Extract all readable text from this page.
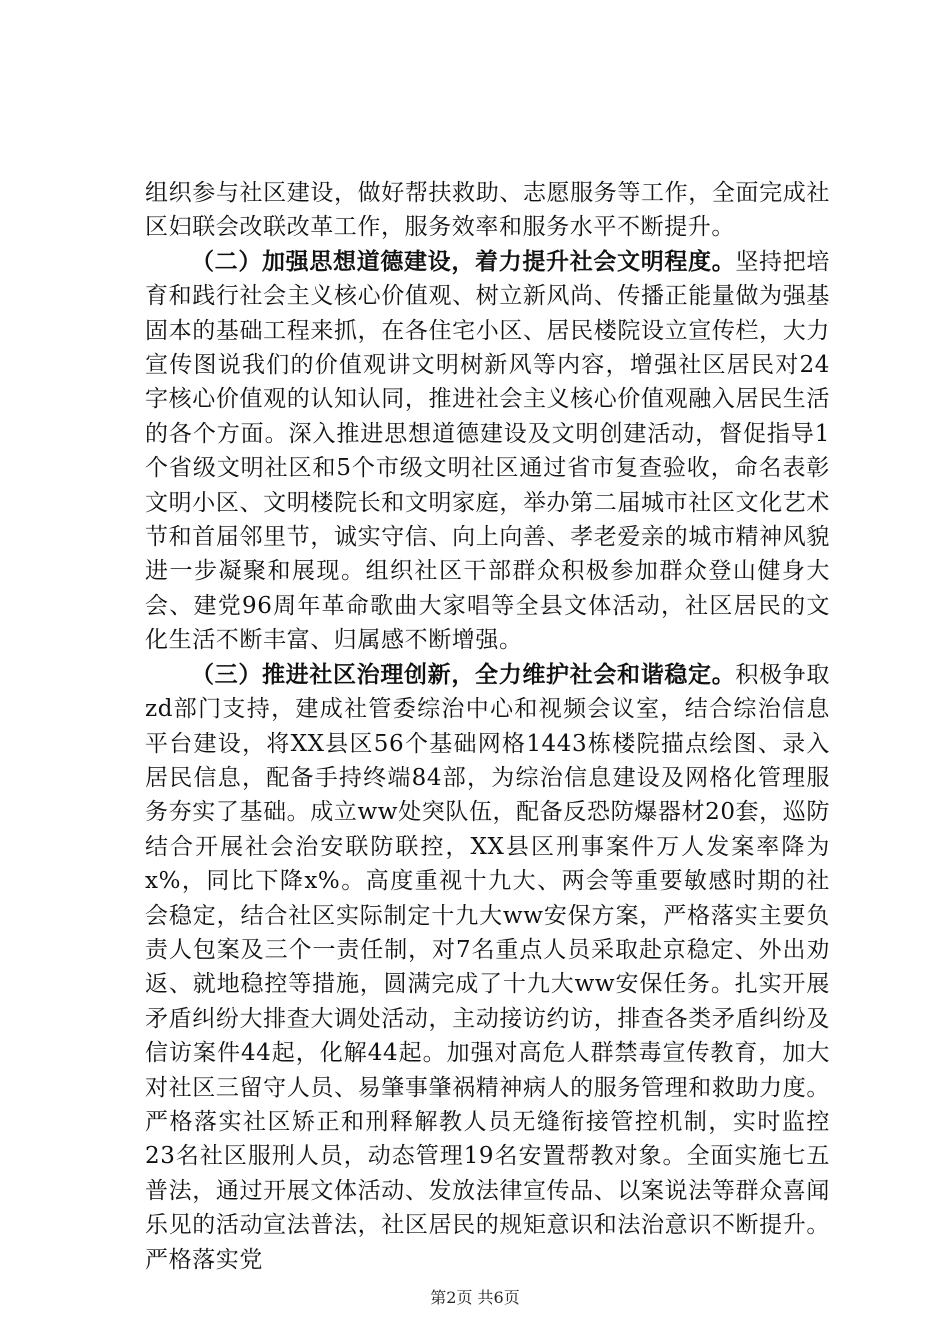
组织参与社区建设，做好帮扶救助、志愿服务等工作，全面完成社区妇联会改联改革工作，服务效率和服务水平不断提升。

（二）加强思想道德建设，着力提升社会文明程度。坚持把培育和践行社会主义核心价值观、树立新风尚、传播正能量做为强基固本的基础工程来抓，在各住宅小区、居民楼院设立宣传栏，大力宣传图说我们的价值观讲文明树新风等内容，增强社区居民对24字核心价值观的认知认同，推进社会主义核心价值观融入居民生活的各个方面。深入推进思想道德建设及文明创建活动，督促指导1个省级文明社区和5个市级文明社区通过省市复查验收，命名表彰文明小区、文明楼院长和文明家庭，举办第二届城市社区文化艺术节和首届邻里节，诚实守信、向上向善、孝老爱亲的城市精神风貌进一步凝聚和展现。组织社区干部群众积极参加群众登山健身大会、建党96周年革命歌曲大家唱等全县文体活动，社区居民的文化生活不断丰富、归属感不断增强。

（三）推进社区治理创新，全力维护社会和谐稳定。积极争取zd部门支持，建成社管委综治中心和视频会议室，结合综治信息平台建设，将XX县区56个基础网格1443栋楼院描点绘图、录入居民信息，配备手持终端84部，为综治信息建设及网格化管理服务夯实了基础。成立ww处突队伍，配备反恐防爆器材20套，巡防结合开展社会治安联防联控，XX县区刑事案件万人发案率降为x%，同比下降x%。高度重视十九大、两会等重要敏感时期的社会稳定，结合社区实际制定十九大ww安保方案，严格落实主要负责人包案及三个一责任制，对7名重点人员采取赴京稳定、外出劝返、就地稳控等措施，圆满完成了十九大ww安保任务。扎实开展矛盾纠纷大排查大调处活动，主动接访约访，排查各类矛盾纠纷及信访案件44起，化解44起。加强对高危人群禁毒宣传教育，加大对社区三留守人员、易肇事肇祸精神病人的服务管理和救助力度。严格落实社区矫正和刑释解教人员无缝衔接管控机制，实时监控23名社区服刑人员，动态管理19名安置帮教对象。全面实施七五普法，通过开展文体活动、发放法律宣传品、以案说法等群众喜闻乐见的活动宣法普法，社区居民的规矩意识和法治意识不断提升。严格落实党

第2页 共6页
